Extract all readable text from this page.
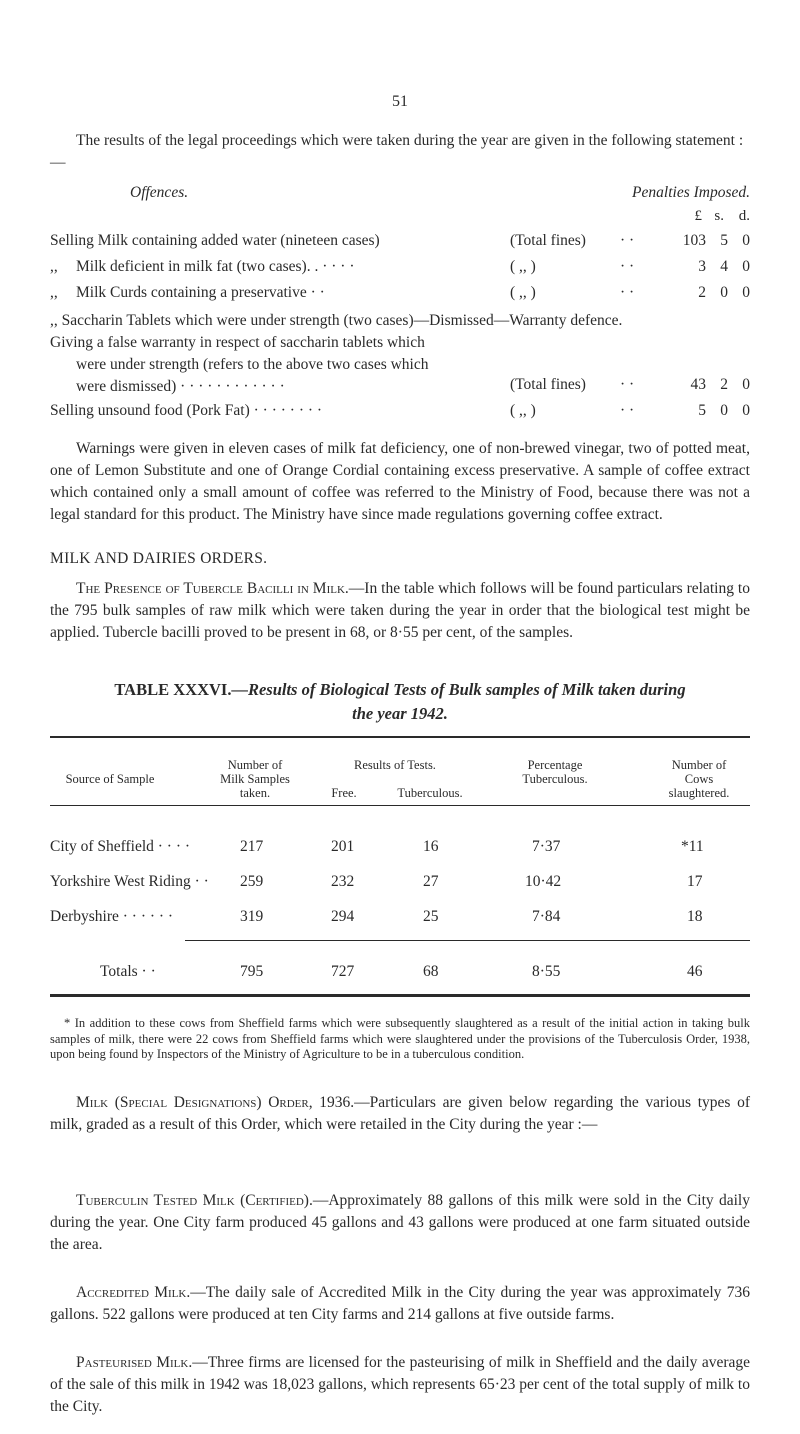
51

The results of the legal proceedings which were taken during the year are given in the following statement :—

Offences.	Penalties Imposed.
£ s. d.
Selling Milk containing added water (nineteen cases)	(Total fines) · ·	103 5 0
,, Milk deficient in milk fat (two cases). . · · · ·	( ,, )	· ·	3 4 0
,, Milk Curds containing a preservative · ·	( ,, )	· ·	2 0 0

,, Saccharin Tablets which were under strength (two cases)—Dismissed—Warranty defence.

Giving a false warranty in respect of saccharin tablets which

were under strength (refers to the above two cases which

were dismissed) · · · · · · · · · · · ·	(Total fines) · ·	43 2 0
Selling unsound food (Pork Fat) · · · · · · · ·	( ,, )	· ·	5 0 0

Warnings were given in eleven cases of milk fat deficiency, one of non-brewed vinegar, two of potted meat, one of Lemon Substitute and one of Orange Cordial containing excess preservative. A sample of coffee extract which contained only a small amount of coffee was referred to the Ministry of Food, because there was not a legal standard for this product. The Ministry have since made regulations governing coffee extract.

MILK AND DAIRIES ORDERS.

The Presence of Tubercle Bacilli in Milk.—In the table which follows will be found particulars relating to the 795 bulk samples of raw milk which were taken during the year in order that the biological test might be applied. Tubercle bacilli proved to be present in 68, or 8·55 per cent, of the samples.

TABLE XXXVI.—Results of Biological Tests of Bulk samples of Milk taken during
the year 1942.
Source of Sample
Number of
Milk Samples
taken.
Results of Tests.
Free.	Tuberculous.
Percentage
Tuberculous.
Number of
Cows
slaughtered.
City of Sheffield · · · ·	217	201	16	7·37	*11
Yorkshire West Riding · · 259	232	27	10·42	17
Derbyshire · · · · · ·	319	294	25	7·84	18
Totals · ·	795	727	68	8·55	46

* In addition to these cows from Sheffield farms which were subsequently slaughtered as a result of the initial action in taking bulk samples of milk, there were 22 cows from Sheffield farms which were slaughtered under the provisions of the Tuberculosis Order, 1938, upon being found by Inspectors of the Ministry of Agriculture to be in a tuberculous condition.

Milk (Special Designations) Order, 1936.—Particulars are given below regarding the various types of milk, graded as a result of this Order, which were retailed in the City during the year :—

Tuberculin Tested Milk (Certified).—Approximately 88 gallons of this milk were sold in the City daily during the year. One City farm produced 45 gallons and 43 gallons were produced at one farm situated outside the area.

Accredited Milk.—The daily sale of Accredited Milk in the City during the year was approximately 736 gallons. 522 gallons were produced at ten City farms and 214 gallons at five outside farms.

Pasteurised Milk.—Three firms are licensed for the pasteurising of milk in Sheffield and the daily average of the sale of this milk in 1942 was 18,023 gallons, which represents 65·23 per cent of the total supply of milk to the City.
